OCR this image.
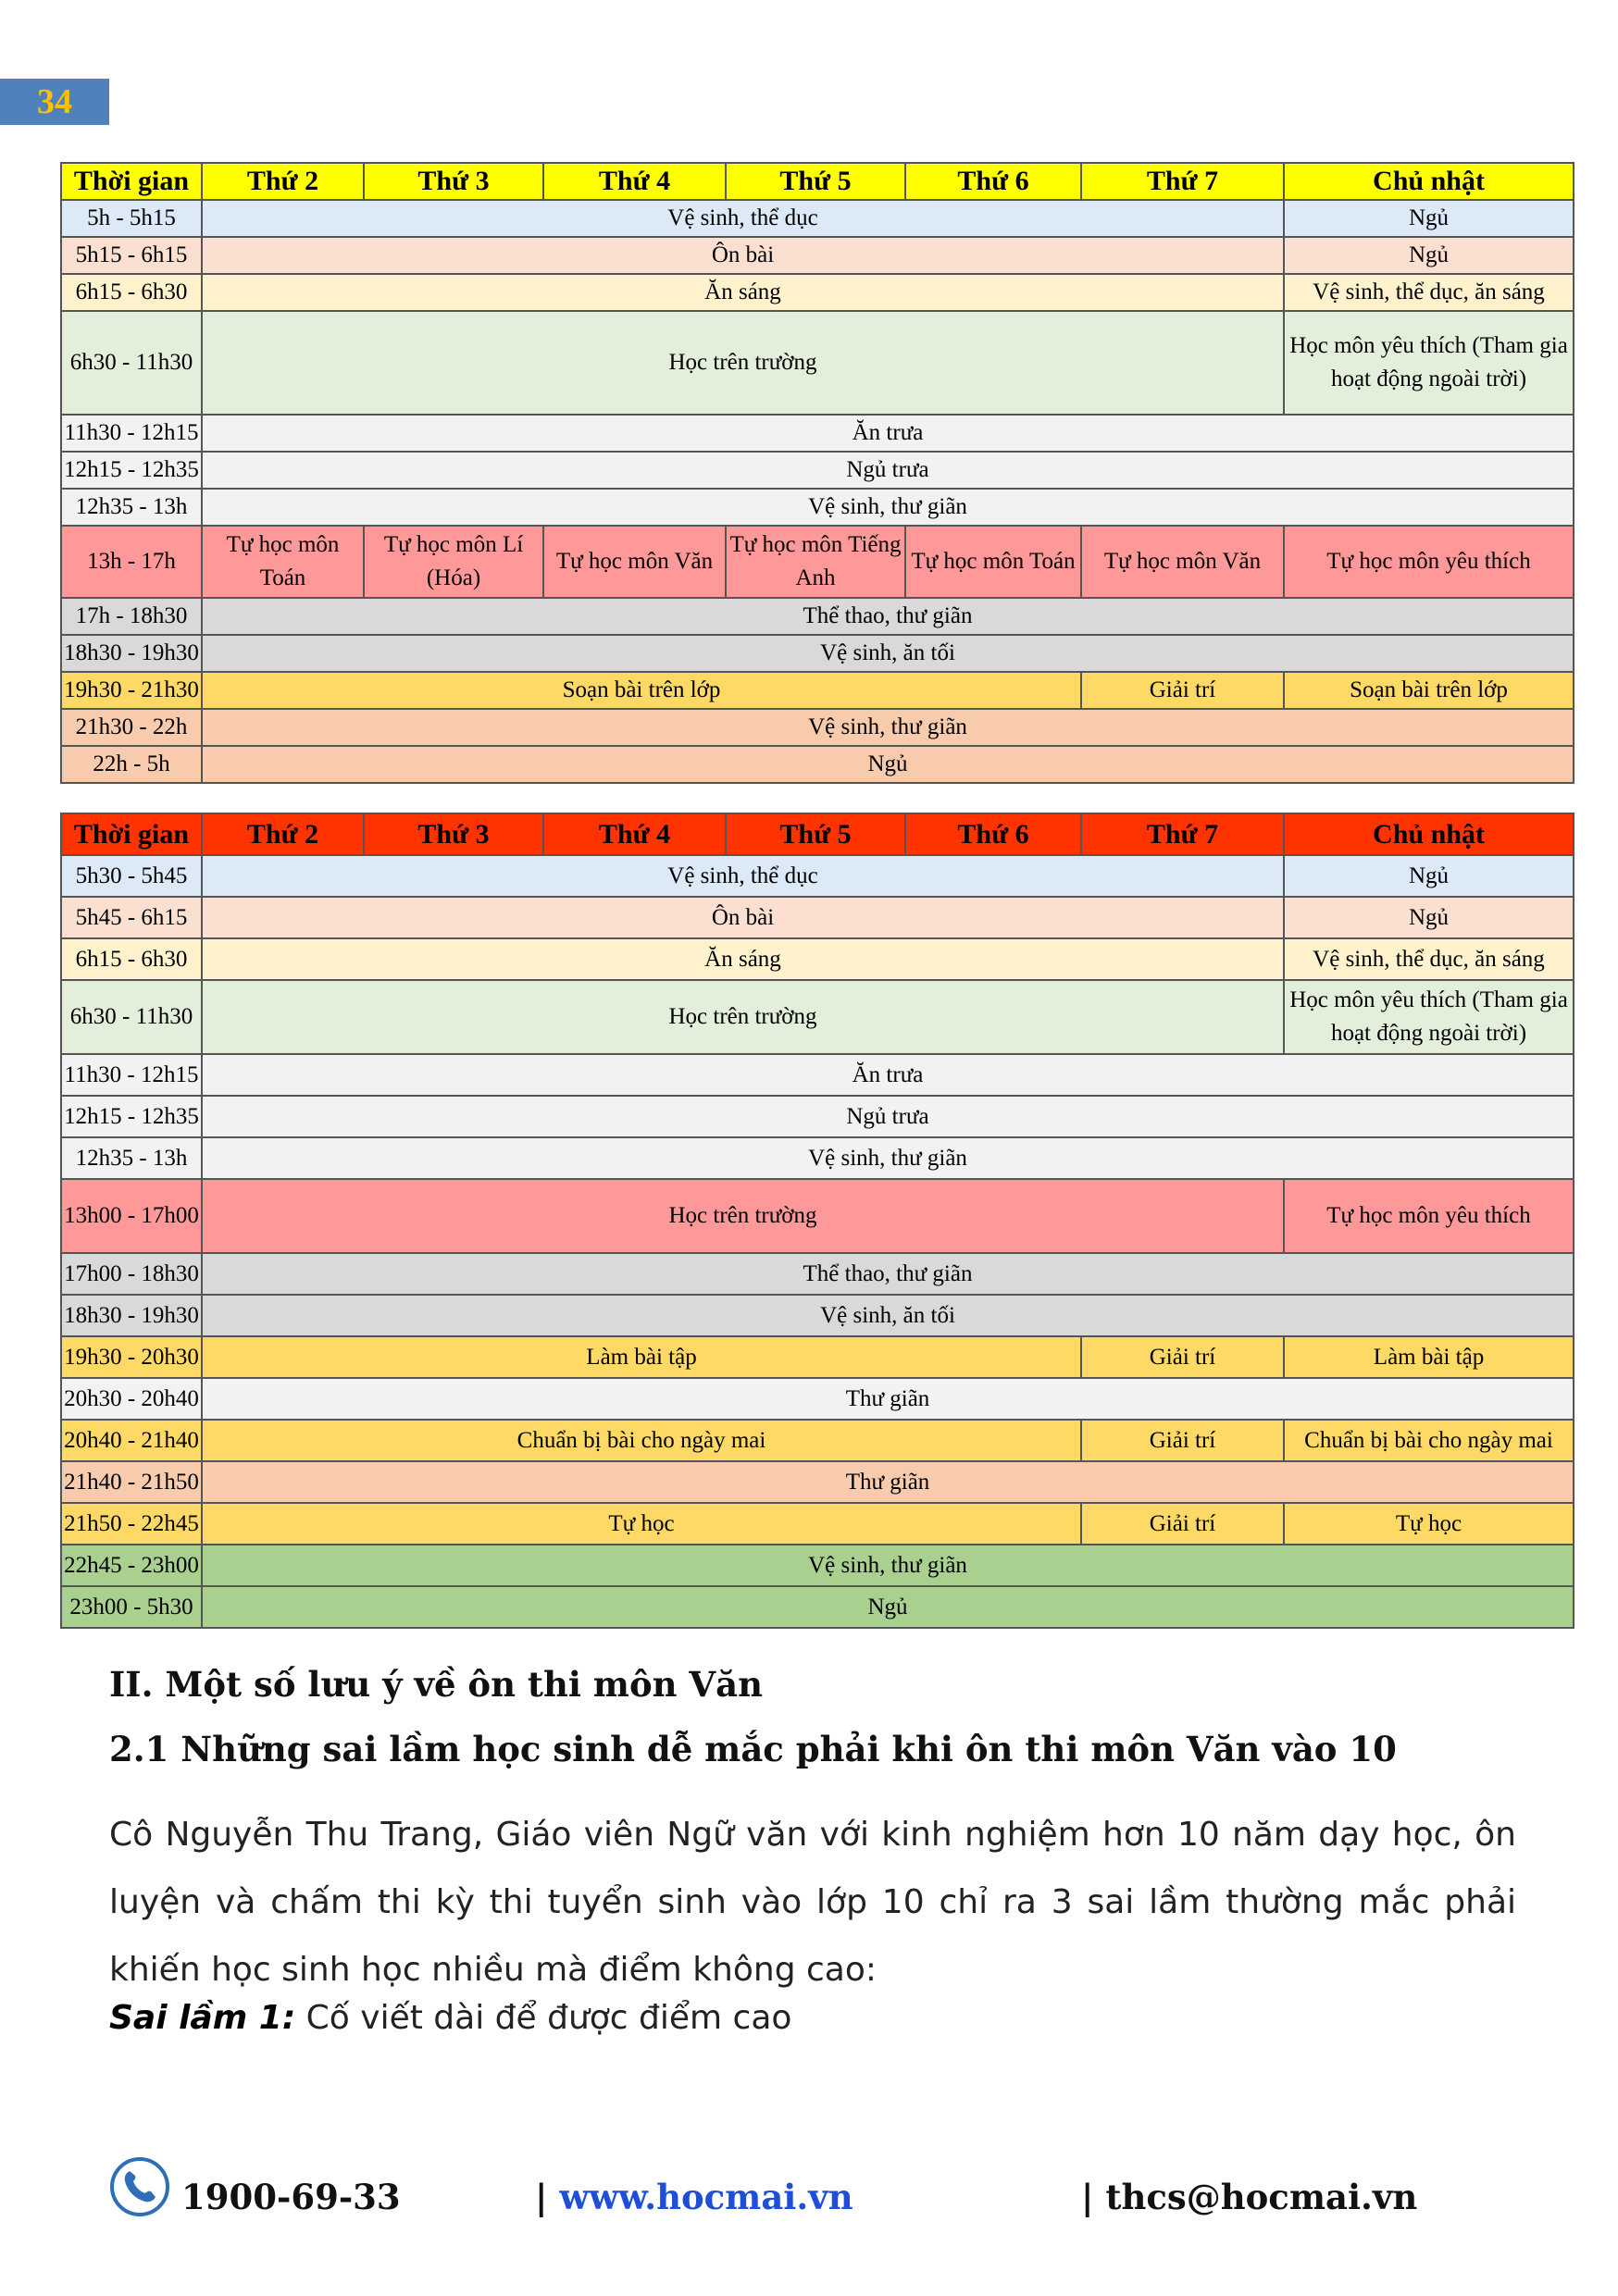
34
Thời gian	Thứ 2	Thứ 3	Thứ 4	Thứ 5	Thứ 6	Thứ 7	Chủ nhật
5h - 5h15	Vệ sinh, thể dục						Ngủ
5h15 - 6h15	Ôn bài						Ngủ
6h15 - 6h30	Ăn sáng						Vệ sinh, thể dục, ăn sáng
6h30 - 11h30	Học trên trường						Học môn yêu thích (Tham gia hoạt động ngoài trời)
11h30 - 12h15	Ăn trưa						
12h15 - 12h35	Ngủ trưa						
12h35 - 13h	Vệ sinh, thư giãn						
13h - 17h	Tự học môn Toán	Tự học môn Lí (Hóa)	Tự học môn Văn	Tự học môn Tiếng Anh	Tự học môn Toán	Tự học môn Văn	Tự học môn yêu thích
17h - 18h30	Thể thao, thư giãn						
18h30 - 19h30	Vệ sinh, ăn tối						
19h30 - 21h30	Soạn bài trên lớp					Giải trí	Soạn bài trên lớp
21h30 - 22h	Vệ sinh, thư giãn						
22h - 5h	Ngủ						
Thời gian	Thứ 2	Thứ 3	Thứ 4	Thứ 5	Thứ 6	Thứ 7	Chủ nhật
5h30 - 5h45	Vệ sinh, thể dục						Ngủ
5h45 - 6h15	Ôn bài						Ngủ
6h15 - 6h30	Ăn sáng						Vệ sinh, thể dục, ăn sáng
6h30 - 11h30	Học trên trường						Học môn yêu thích (Tham gia hoạt động ngoài trời)
11h30 - 12h15	Ăn trưa						
12h15 - 12h35	Ngủ trưa						
12h35 - 13h	Vệ sinh, thư giãn						
13h00 - 17h00	Học trên trường						Tự học môn yêu thích
17h00 - 18h30	Thể thao, thư giãn						
18h30 - 19h30	Vệ sinh, ăn tối						
19h30 - 20h30	Làm bài tập					Giải trí	Làm bài tập
20h30 - 20h40	Thư giãn						
20h40 - 21h40	Chuẩn bị bài cho ngày mai					Giải trí	Chuẩn bị bài cho ngày mai
21h40 - 21h50	Thư giãn						
21h50 - 22h45	Tự học					Giải trí	Tự học
22h45 - 23h00	Vệ sinh, thư giãn						
23h00 - 5h30	Ngủ						
II. Một số lưu ý về ôn thi môn Văn
2.1 Những sai lầm học sinh dễ mắc phải khi ôn thi môn Văn vào 10
Cô Nguyễn Thu Trang, Giáo viên Ngữ văn với kinh nghiệm hơn 10 năm dạy học, ôn luyện và chấm thi kỳ thi tuyển sinh vào lớp 10 chỉ ra 3 sai lầm thường mắc phải khiến học sinh học nhiều mà điểm không cao:
Sai lầm 1: Cố viết dài để được điểm cao
1900-69-33	| www.hocmai.vn	| thcs@hocmai.vn
